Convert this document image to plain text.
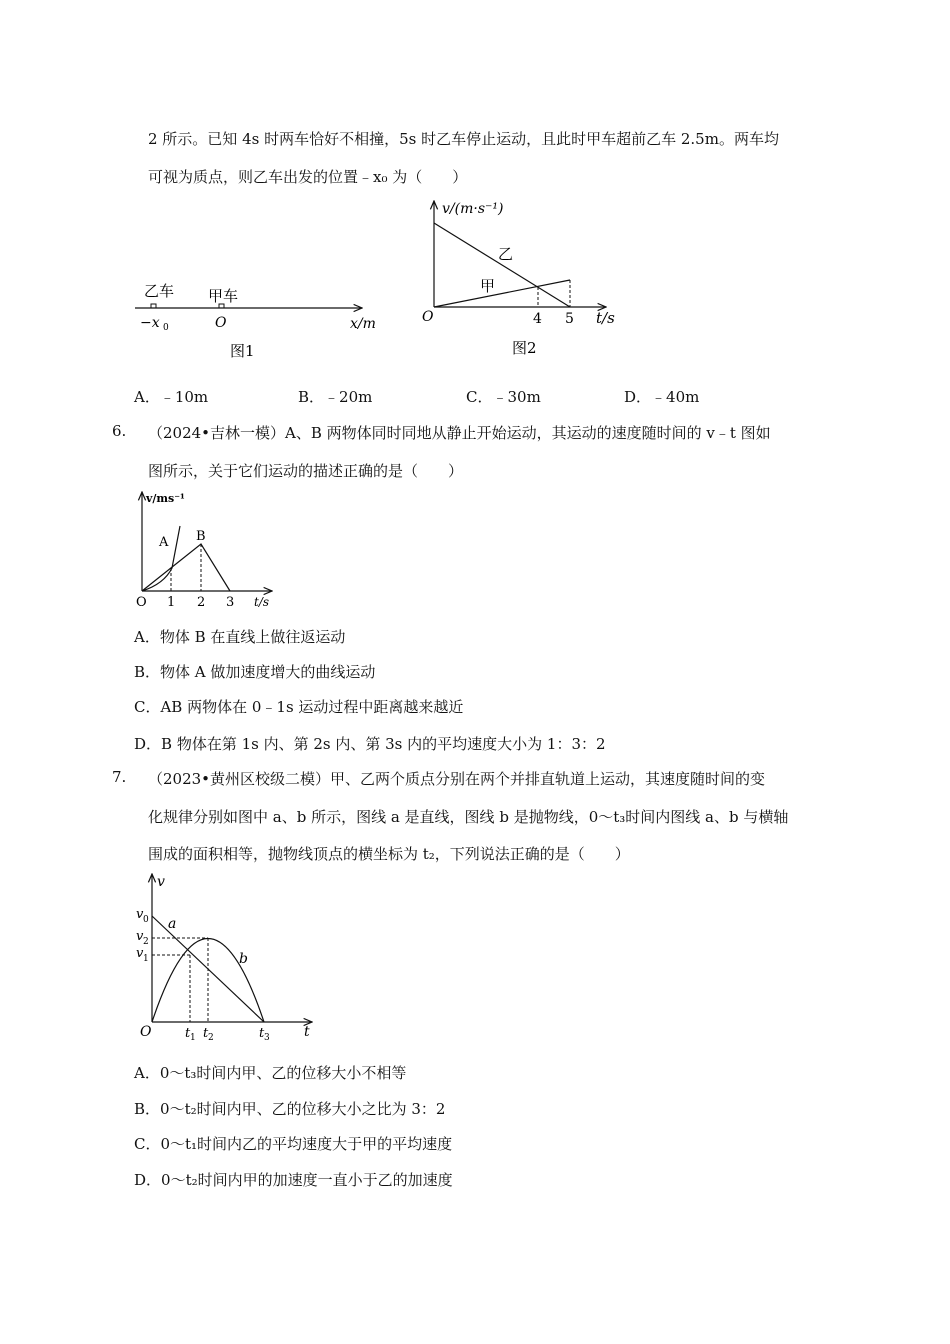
2 所示。已知 4s 时两车恰好不相撞，5s 时乙车停止运动，且此时甲车超前乙车 2.5m。两车均
可视为质点，则乙车出发的位置﹣x₀ 为（　　）
乙车 甲车
−x 0	O	x/m
图1
v/(m·s⁻¹)
乙
甲
O	4 5 t/s
图2
A．﹣10m	B．﹣20m	C．﹣30m	D．﹣40m
6. （2024•吉林一模）A、B 两物体同时同地从静止开始运动，其运动的速度随时间的 v﹣t 图如
图所示，关于它们运动的描述正确的是（　　）
v/ms⁻¹
A B
O 1 2 3 t/s
A．物体 B 在直线上做往返运动
B．物体 A 做加速度增大的曲线运动
C．AB 两物体在 0﹣1s 运动过程中距离越来越近
D．B 物体在第 1s 内、第 2s 内、第 3s 内的平均速度大小为 1：3：2
7. （2023•黄州区校级二模）甲、乙两个质点分别在两个并排直轨道上运动，其速度随时间的变
化规律分别如图中 a、b 所示，图线 a 是直线，图线 b 是抛物线，0～t₃时间内图线 a、b 与横轴
围成的面积相等，抛物线顶点的横坐标为 t₂，下列说法正确的是（　　）
v
v 0
v 2
v 1
a
b
O	t 1 t 2	t 3 t
A．0～t₃时间内甲、乙的位移大小不相等
B．0～t₂时间内甲、乙的位移大小之比为 3：2
C．0～t₁时间内乙的平均速度大于甲的平均速度
D．0～t₂时间内甲的加速度一直小于乙的加速度
